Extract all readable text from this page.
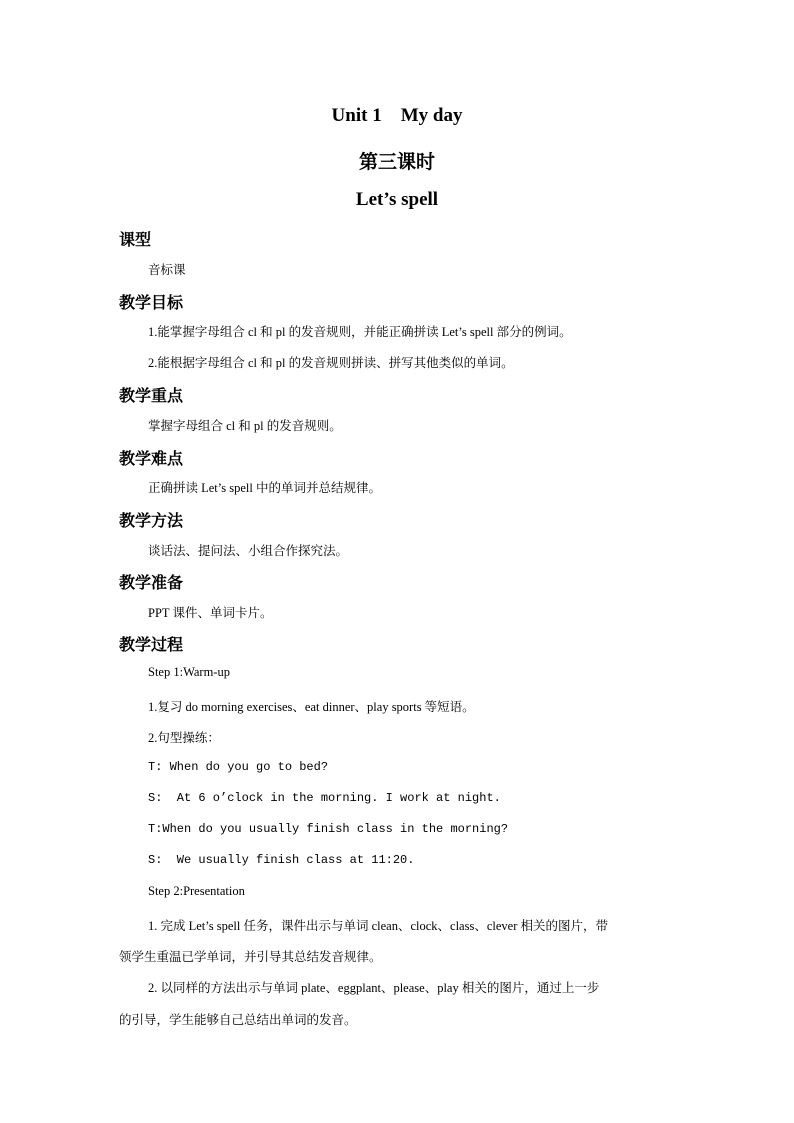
Unit 1    My day
第三课时
Let’s spell
课型
音标课
教学目标
1.能掌握字母组合 cl 和 pl 的发音规则，并能正确拼读 Let’s spell 部分的例词。
2.能根据字母组合 cl 和 pl 的发音规则拼读、拼写其他类似的单词。
教学重点
掌握字母组合 cl 和 pl 的发音规则。
教学难点
正确拼读 Let’s spell 中的单词并总结规律。
教学方法
谈话法、提问法、小组合作探究法。
教学准备
PPT 课件、单词卡片。
教学过程
Step 1:Warm-up
1.复习 do morning exercises、eat dinner、play sports 等短语。
2.句型操练：
T: When do you go to bed?
S:  At 6 o’clock in the morning. I work at night.
T:When do you usually finish class in the morning?
S:  We usually finish class at 11:20.
Step 2:Presentation
1. 完成 Let’s spell 任务，课件出示与单词 clean、clock、class、clever 相关的图片，带
领学生重温已学单词，并引导其总结发音规律。
2. 以同样的方法出示与单词 plate、eggplant、please、play 相关的图片，通过上一步
的引导，学生能够自己总结出单词的发音。
